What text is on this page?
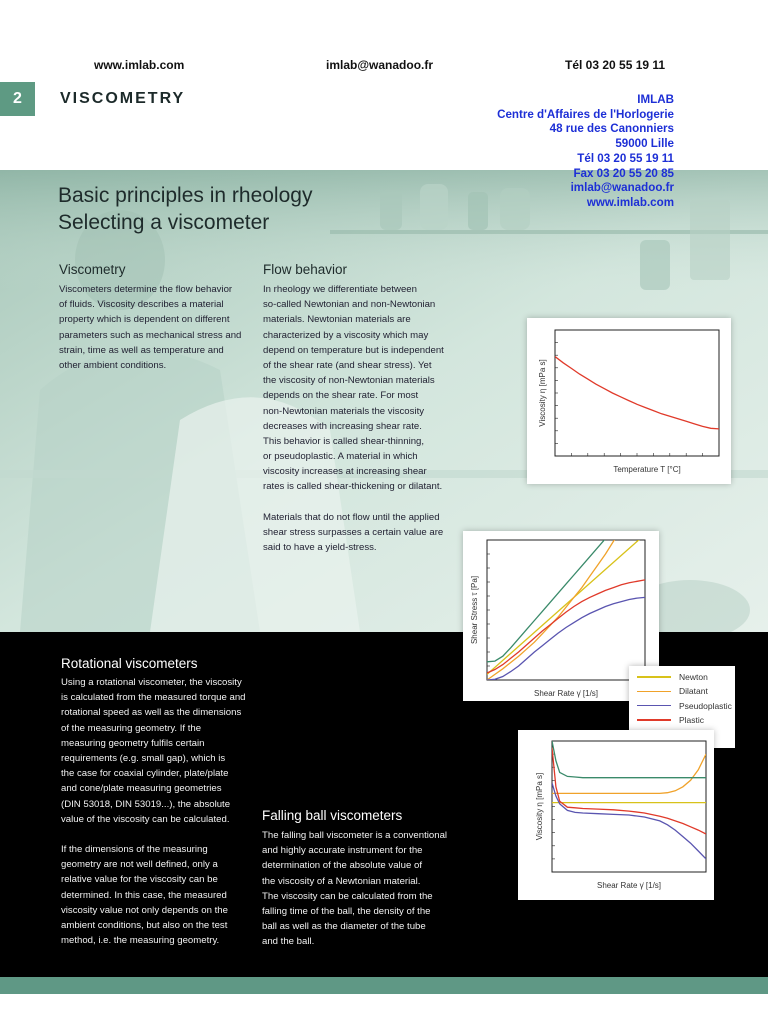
www.imlab.com	imlab@wanadoo.fr	Tél 03 20 55 19 11
2	VISCOMETRY	IMLAB
Centre d'Affaires de l'Horlogerie
48 rue des Canonniers
59000 Lille
Tél 03 20 55 19 11
Fax 03 20 55 20 85
imlab@wanadoo.fr
www.imlab.com
Basic principles in rheology
Selecting a viscometer
Viscometry
Viscometers determine the flow behavior
of fluids. Viscosity describes a material
property which is dependent on different
parameters such as mechanical stress and
strain, time as well as temperature and
other ambient conditions.
Flow behavior
In rheology we differentiate between
so-called Newtonian and non-Newtonian
materials. Newtonian materials are
characterized by a viscosity which may
depend on temperature but is independent
of the shear rate (and shear stress). Yet
the viscosity of non-Newtonian materials
depends on the shear rate. For most
non-Newtonian materials the viscosity
decreases with increasing shear rate.
This behavior is called shear-thinning,
or pseudoplastic. A material in which
viscosity increases at increasing shear
rates is called shear-thickening or dilatant.
Materials that do not flow until the applied
shear stress surpasses a certain value are
said to have a yield-stress.
Rotational viscometers
Using a rotational viscometer, the viscosity
is calculated from the measured torque and
rotational speed as well as the dimensions
of the measuring geometry. If the
measuring geometry fulfils certain
requirements (e.g. small gap), which is
the case for coaxial cylinder, plate/plate
and cone/plate measuring geometries
(DIN 53018, DIN 53019...), the absolute
value of the viscosity can be calculated.
If the dimensions of the measuring
geometry are not well defined, only a
relative value for the viscosity can be
determined. In this case, the measured
viscosity value not only depends on the
ambient conditions, but also on the test
method, i.e. the measuring geometry.
Falling ball viscometers
The falling ball viscometer is a conventional
and highly accurate instrument for the
determination of the absolute value of
the viscosity of a Newtonian material.
The viscosity can be calculated from the
falling time of the ball, the density of the
ball as well as the diameter of the tube
and the ball.
Temperature T [°C]
Viscosity η [mPa s]
Shear Rate γ̇ [1/s]
Shear Stress τ [Pa]
Newton
Dilatant
Pseudoplastic
Plastic
Shear Rate γ̇ [1/s]
Viscosity η [mPa s]
